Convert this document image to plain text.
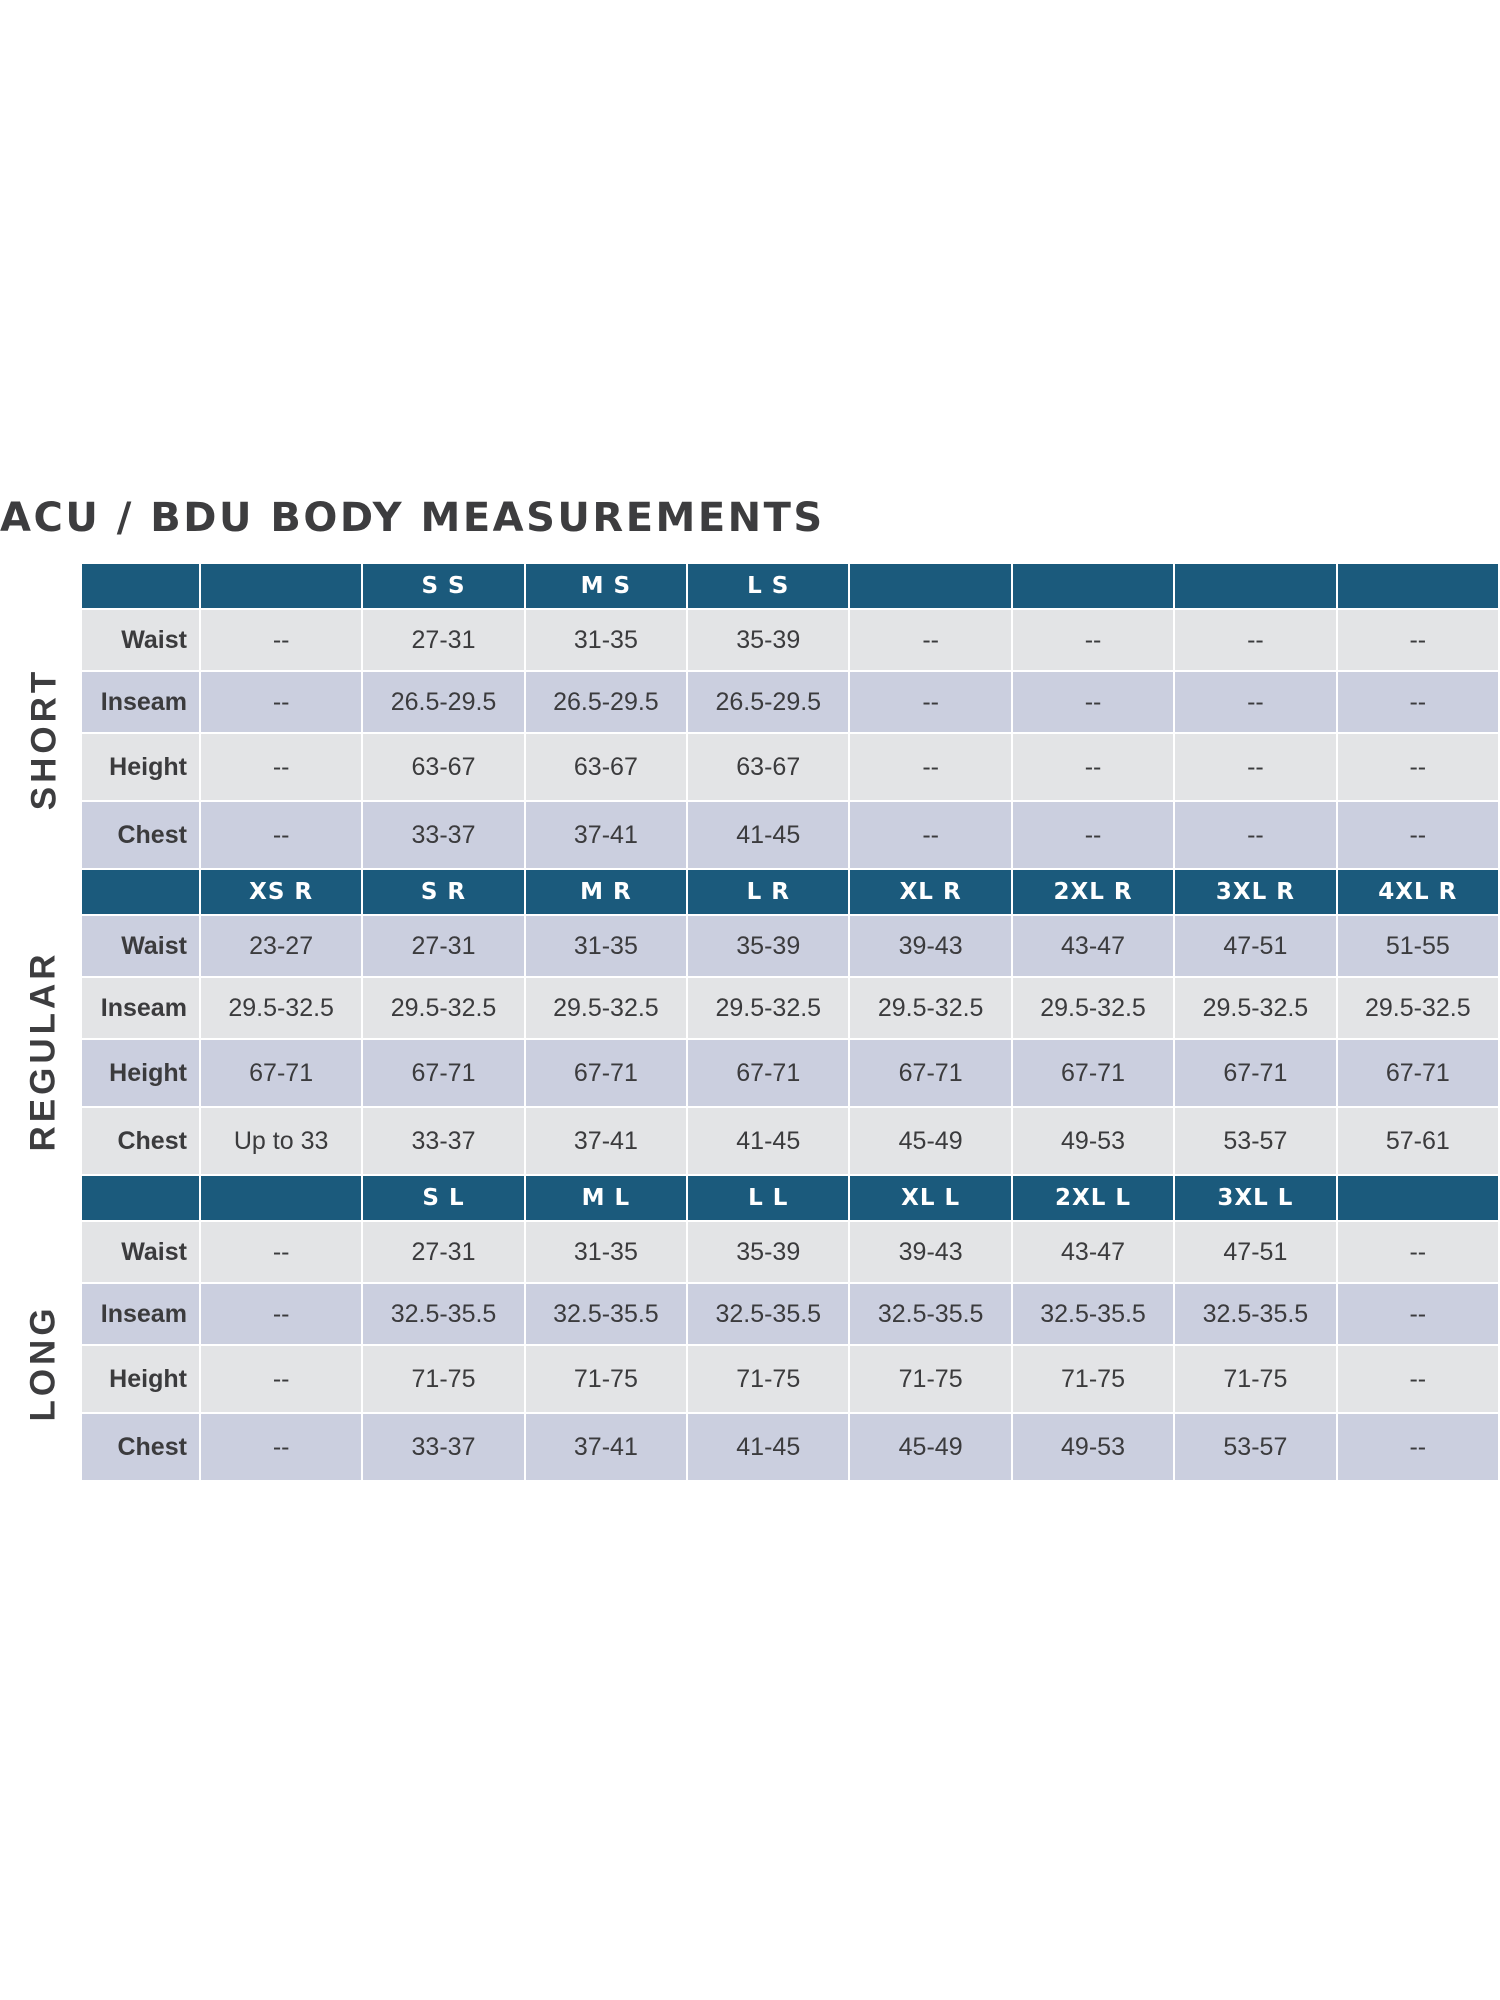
ACU / BDU BODY MEASUREMENTS
SHORT
REGULAR
LONG
		S S	M S	L S				
Waist	--	27-31	31-35	35-39	--	--	--	--
Inseam	--	26.5-29.5	26.5-29.5	26.5-29.5	--	--	--	--
Height	--	63-67	63-67	63-67	--	--	--	--
Chest	--	33-37	37-41	41-45	--	--	--	--
	XS R	S R	M R	L R	XL R	2XL R	3XL R	4XL R
Waist	23-27	27-31	31-35	35-39	39-43	43-47	47-51	51-55
Inseam	29.5-32.5	29.5-32.5	29.5-32.5	29.5-32.5	29.5-32.5	29.5-32.5	29.5-32.5	29.5-32.5
Height	67-71	67-71	67-71	67-71	67-71	67-71	67-71	67-71
Chest	Up to 33	33-37	37-41	41-45	45-49	49-53	53-57	57-61
		S L	M L	L L	XL L	2XL L	3XL L	
Waist	--	27-31	31-35	35-39	39-43	43-47	47-51	--
Inseam	--	32.5-35.5	32.5-35.5	32.5-35.5	32.5-35.5	32.5-35.5	32.5-35.5	--
Height	--	71-75	71-75	71-75	71-75	71-75	71-75	--
Chest	--	33-37	37-41	41-45	45-49	49-53	53-57	--
